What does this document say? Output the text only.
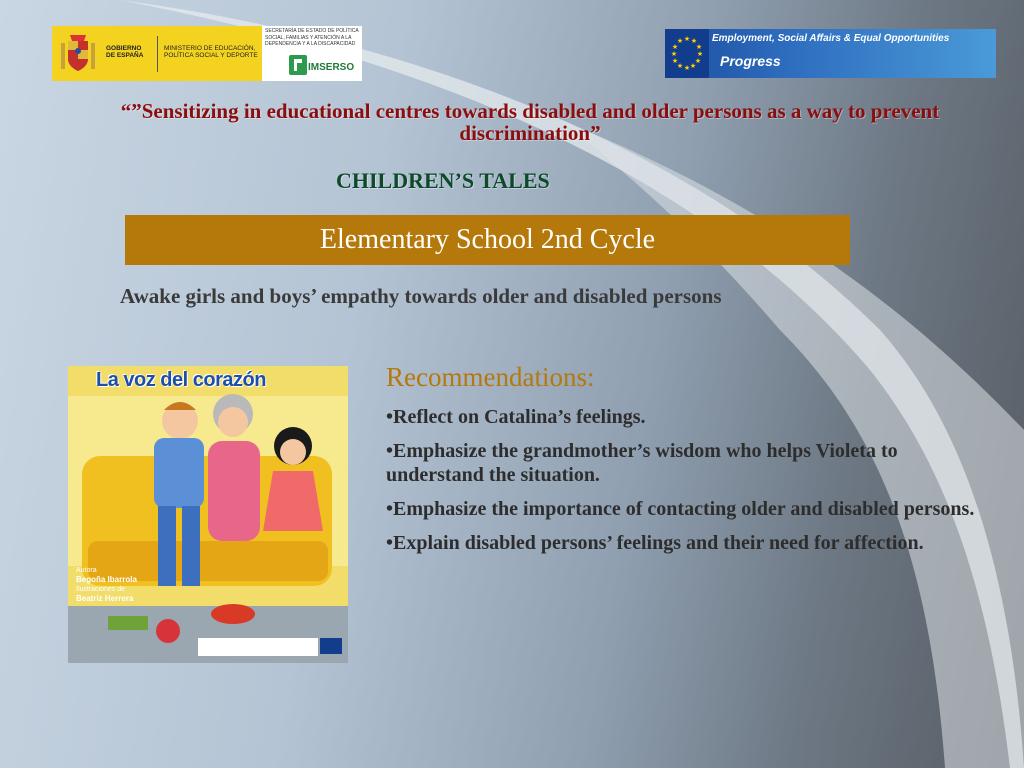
GOBIERNO DE ESPAÑA
MINISTERIO DE EDUCACIÓN, POLÍTICA SOCIAL Y DEPORTE
SECRETARÍA DE ESTADO DE POLÍTICA SOCIAL, FAMILIAS Y ATENCIÓN A LA DEPENDENCIA Y A LA DISCAPACIDAD
IMSERSO
★ ★
★
★
★
★
★
★
★
★
★
★	Employment, Social Affairs & Equal Opportunities
Progress
“”Sensitizing in educational centres towards disabled and older persons as a way to prevent discrimination”
CHILDREN’S TALES
Elementary School 2nd Cycle
Awake girls and boys’ empathy towards older and disabled persons
La voz del corazón
Autora
Begoña Ibarrola
Ilustraciones de
Beatriz Herrera
Recommendations:

•Reflect on Catalina’s feelings.

•Emphasize the grandmother’s wisdom who helps Violeta to understand the situation.

•Emphasize the importance of contacting older and disabled persons.

•Explain disabled persons’ feelings and their need for affection.
